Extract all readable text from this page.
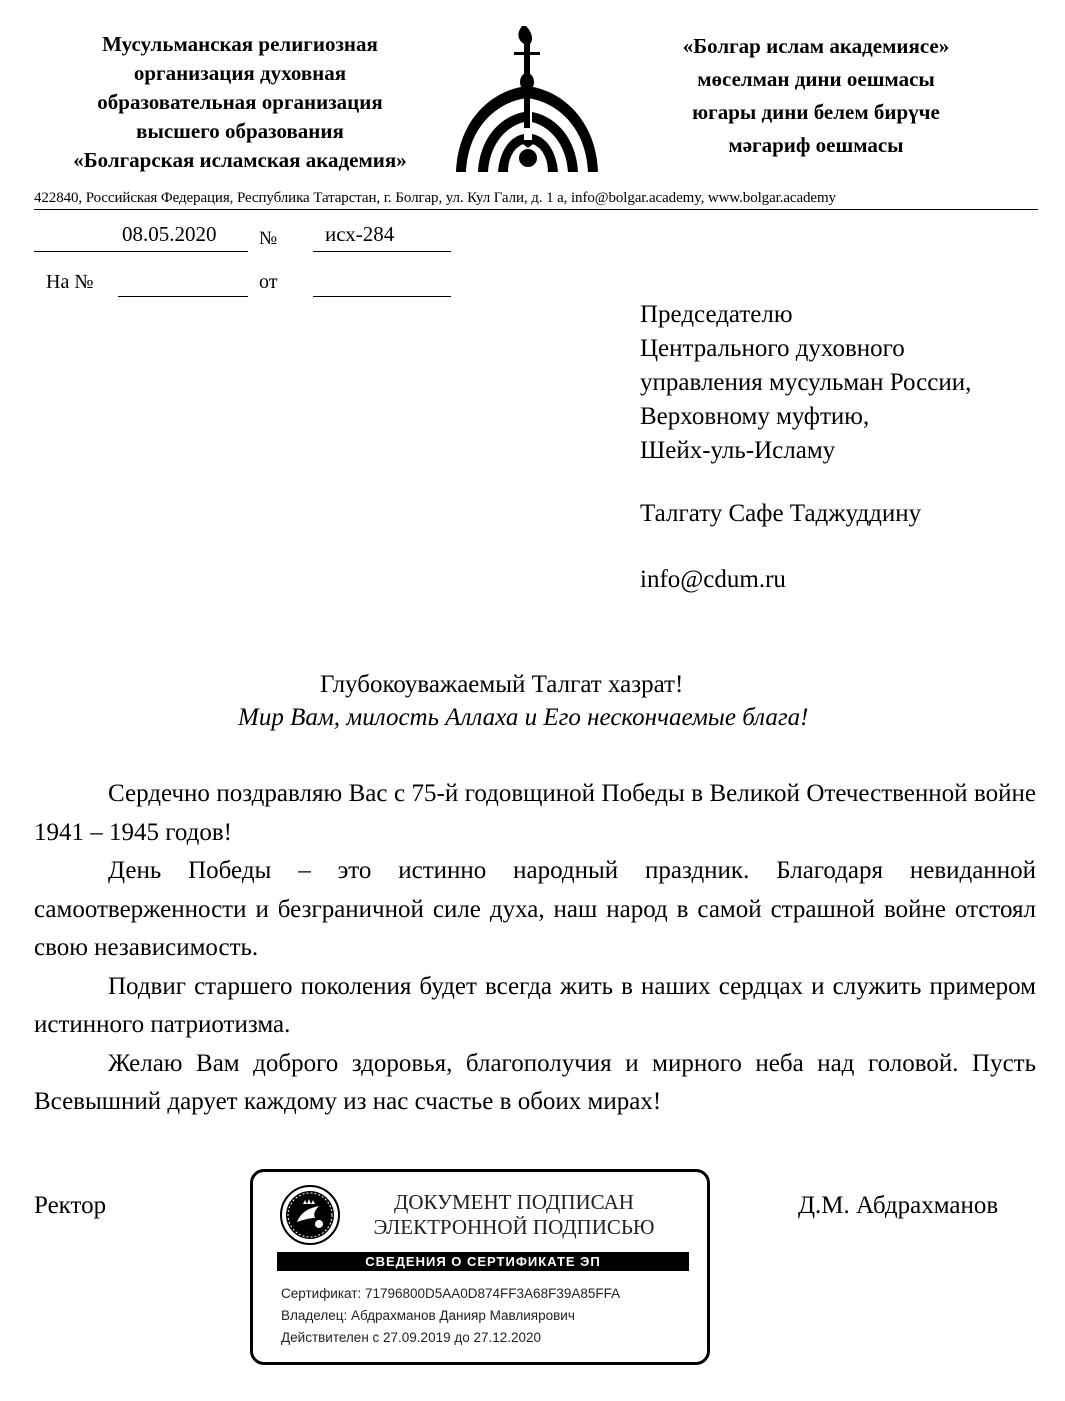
Мусульманская религиозная
организация духовная
образовательная организация
высшего образования
«Болгарская исламская академия»
«Болгар ислам академиясе»
мөселман дини оешмасы
югары дини белем бирүче
мәгариф оешмасы
422840, Российская Федерация, Республика Татарстан, г. Болгар, ул. Кул Гали, д. 1 а, info@bolgar.academy, www.bolgar.academy
08.05.2020 № исх-284
На №	от
Председателю
Центрального духовного
управления мусульман России,
Верховному муфтию,
Шейх-уль-Исламу
Талгату Сафе Таджуддину
info@cdum.ru
Глубокоуважаемый Талгат хазрат!
Мир Вам, милость Аллаха и Его нескончаемые блага!

Сердечно поздравляю Вас с 75-й годовщиной Победы в Великой Отечественной войне 1941 – 1945 годов!

День Победы – это истинно народный праздник. Благодаря невиданной самоотверженности и безграничной силе духа, наш народ в самой страшной войне отстоял свою независимость.

Подвиг старшего поколения будет всегда жить в наших сердцах и служить примером истинного патриотизма.

Желаю Вам доброго здоровья, благополучия и мирного неба над головой. Пусть Всевышний дарует каждому из нас счастье в обоих мирах!

Ректор	Д.М. Абдрахманов
ДОКУМЕНТ ПОДПИСАН
ЭЛЕКТРОННОЙ ПОДПИСЬЮ
СВЕДЕНИЯ О СЕРТИФИКАТЕ ЭП
Сертификат: 71796800D5AA0D874FF3A68F39A85FFA
Владелец: Абдрахманов Данияр Мавлиярович
Действителен с 27.09.2019 до 27.12.2020
